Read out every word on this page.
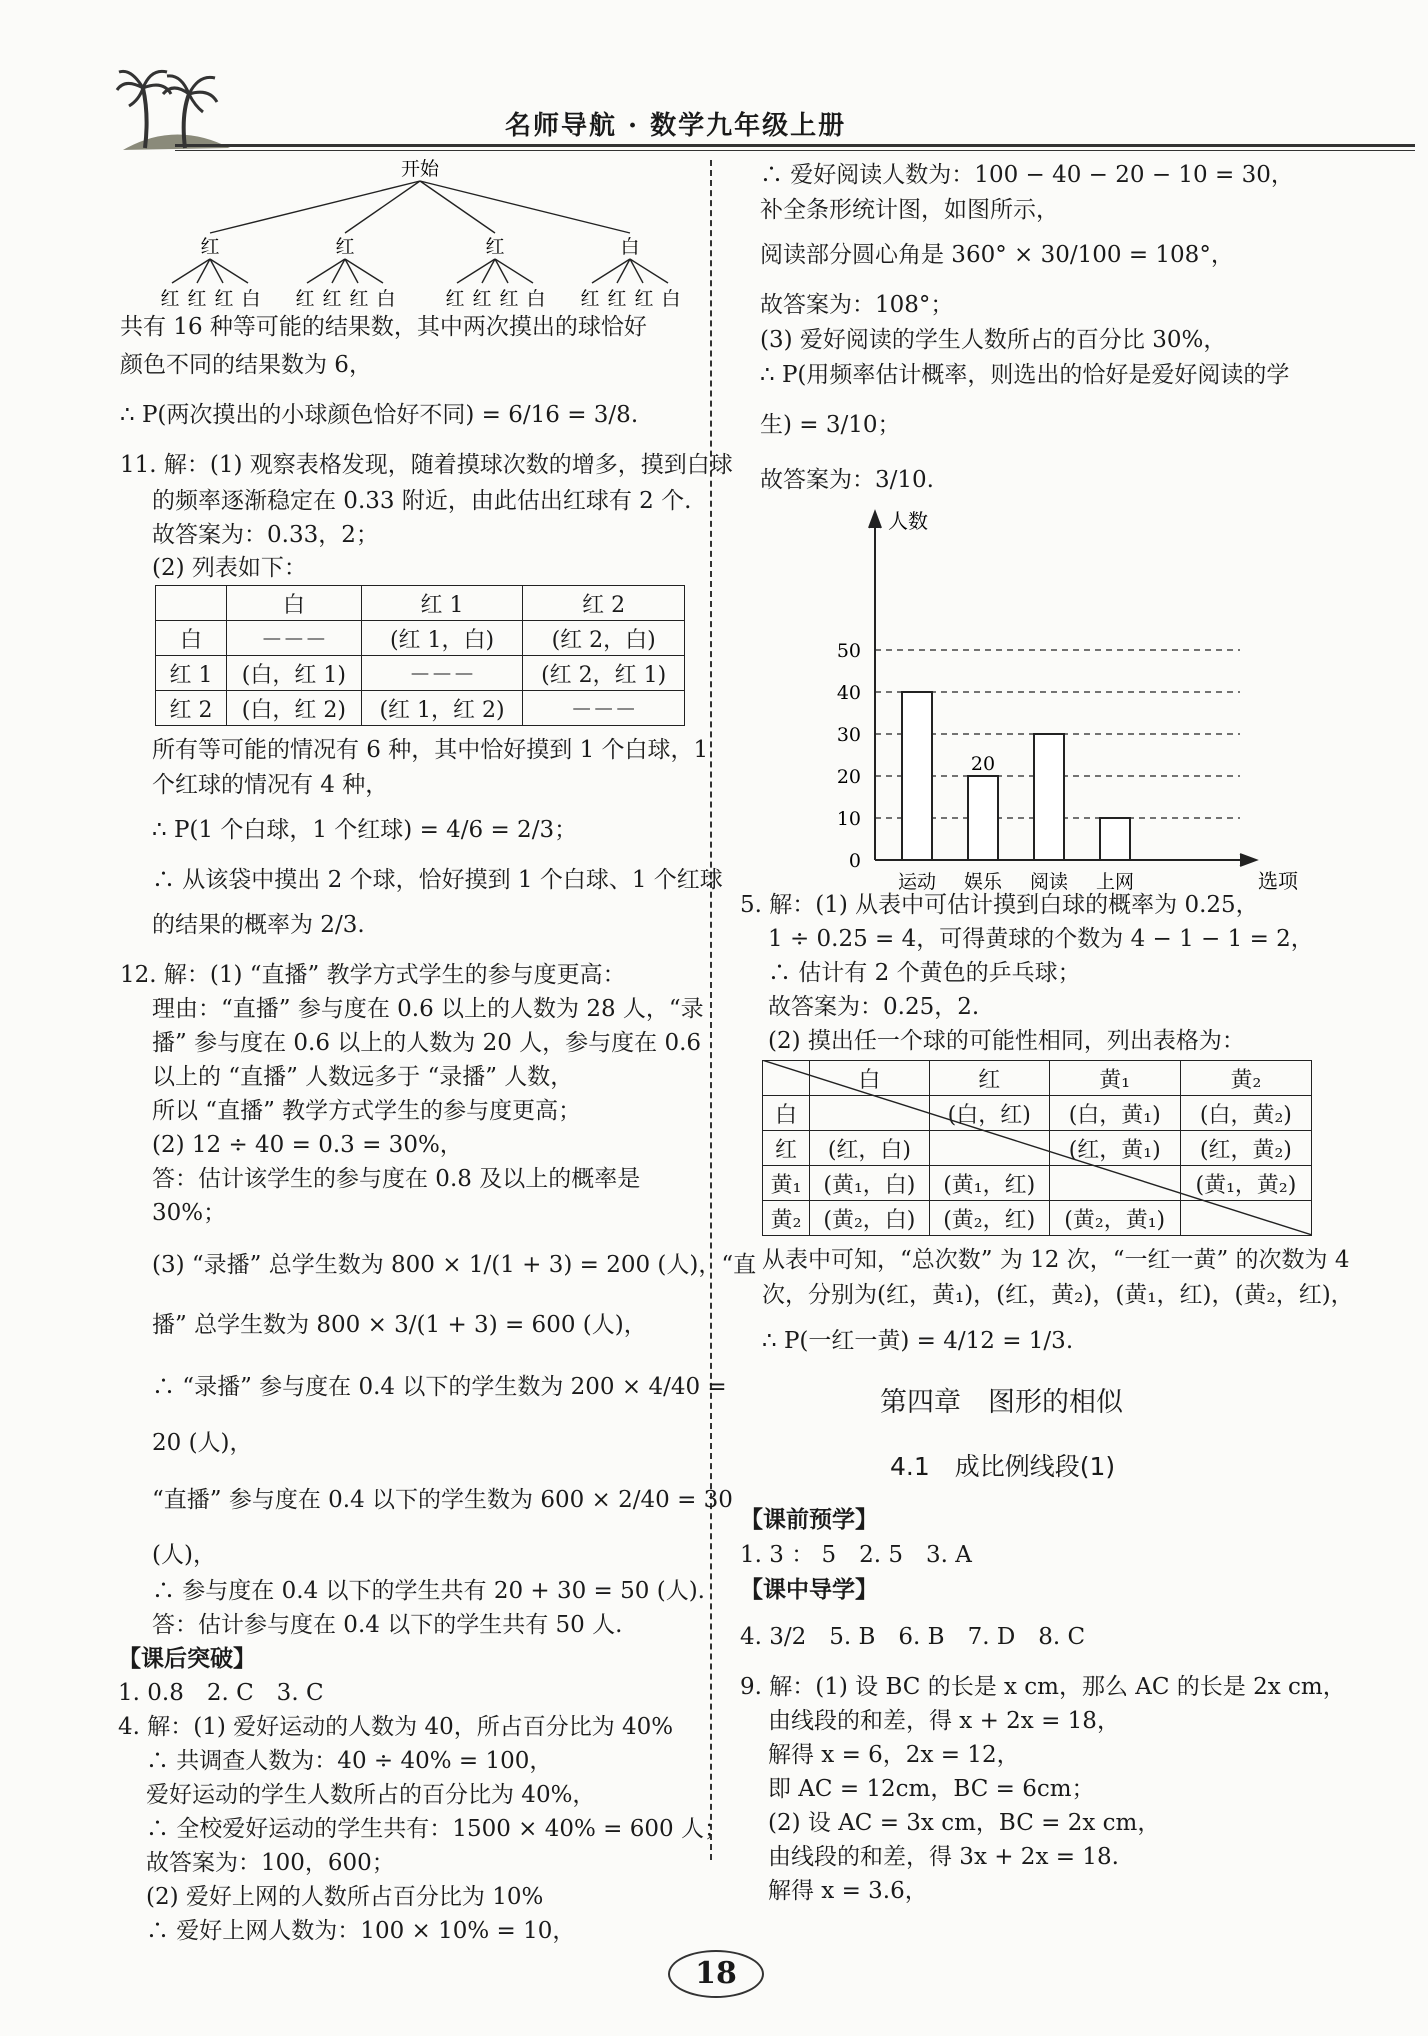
名师导航 · 数学九年级上册
开始
红	红	红	白
红 红 红 白 红 红 红 白	红 红 红 白 红 红 红 白
共有 16 种等可能的结果数，其中两次摸出的球恰好
颜色不同的结果数为 6，
∴ P(两次摸出的小球颜色恰好不同) = 6/16 = 3/8.
11. 解：(1) 观察表格发现，随着摸球次数的增多，摸到白球
的频率逐渐稳定在 0.33 附近，由此估出红球有 2 个.
故答案为：0.33，2；
(2) 列表如下：
	白	红 1	红 2
白	－－－	(红 1，白)	(红 2，白)
红 1	(白，红 1)	－－－	(红 2，红 1)
红 2	(白，红 2)	(红 1，红 2)	－－－
所有等可能的情况有 6 种，其中恰好摸到 1 个白球，1
个红球的情况有 4 种，
∴ P(1 个白球，1 个红球) = 4/6 = 2/3；
∴ 从该袋中摸出 2 个球，恰好摸到 1 个白球、1 个红球
的结果的概率为 2/3.
12. 解：(1) “直播” 教学方式学生的参与度更高：
理由：“直播” 参与度在 0.6 以上的人数为 28 人，“录
播” 参与度在 0.6 以上的人数为 20 人，参与度在 0.6
以上的 “直播” 人数远多于 “录播” 人数，
所以 “直播” 教学方式学生的参与度更高；
(2) 12 ÷ 40 = 0.3 = 30%，
答：估计该学生的参与度在 0.8 及以上的概率是
30%；
(3) “录播” 总学生数为 800 × 1/(1 + 3) = 200 (人)，“直
播” 总学生数为 800 × 3/(1 + 3) = 600 (人)，
∴ “录播” 参与度在 0.4 以下的学生数为 200 × 4/40 =
20 (人)，
“直播” 参与度在 0.4 以下的学生数为 600 × 2/40 = 30
(人)，
∴ 参与度在 0.4 以下的学生共有 20 + 30 = 50 (人).
答：估计参与度在 0.4 以下的学生共有 50 人.
【课后突破】
1. 0.8　2. C　3. C
4. 解：(1) 爱好运动的人数为 40，所占百分比为 40%
∴ 共调查人数为：40 ÷ 40% = 100，
爱好运动的学生人数所占的百分比为 40%，
∴ 全校爱好运动的学生共有：1500 × 40% = 600 人；
故答案为：100，600；
(2) 爱好上网的人数所占百分比为 10%
∴ 爱好上网人数为：100 × 10% = 10，
∴ 爱好阅读人数为：100 − 40 − 20 − 10 = 30，
补全条形统计图，如图所示，
阅读部分圆心角是 360° × 30/100 = 108°，
故答案为：108°；
(3) 爱好阅读的学生人数所占的百分比 30%，
∴ P(用频率估计概率，则选出的恰好是爱好阅读的学
生) = 3/10；
故答案为：3/10.
人数
选项
0
10
20
30
40
50
运动 娱乐 阅读 上网
20
5. 解：(1) 从表中可估计摸到白球的概率为 0.25，
1 ÷ 0.25 = 4，可得黄球的个数为 4 − 1 − 1 = 2，
∴ 估计有 2 个黄色的乒乓球；
故答案为：0.25，2.
(2) 摸出任一个球的可能性相同，列出表格为：
	白	红	黄₁	黄₂
白		(白，红)	(白，黄₁)	(白，黄₂)
红	(红，白)		(红，黄₁)	(红，黄₂)
黄₁	(黄₁，白)	(黄₁，红)		(黄₁，黄₂)
黄₂	(黄₂，白)	(黄₂，红)	(黄₂，黄₁)	
从表中可知，“总次数” 为 12 次，“一红一黄” 的次数为 4
次，分别为(红，黄₁)，(红，黄₂)，(黄₁，红)，(黄₂，红)，
∴ P(一红一黄) = 4/12 = 1/3.
第四章　图形的相似
4.1　成比例线段(1)
【课前预学】
1. 3 ： 5　2. 5　3. A
【课中导学】
4. 3/2　5. B　6. B　7. D　8. C
9. 解：(1) 设 BC 的长是 x cm，那么 AC 的长是 2x cm，
由线段的和差，得 x + 2x = 18，
解得 x = 6，2x = 12，
即 AC = 12cm，BC = 6cm；
(2) 设 AC = 3x cm，BC = 2x cm，
由线段的和差，得 3x + 2x = 18.
解得 x = 3.6，
18
